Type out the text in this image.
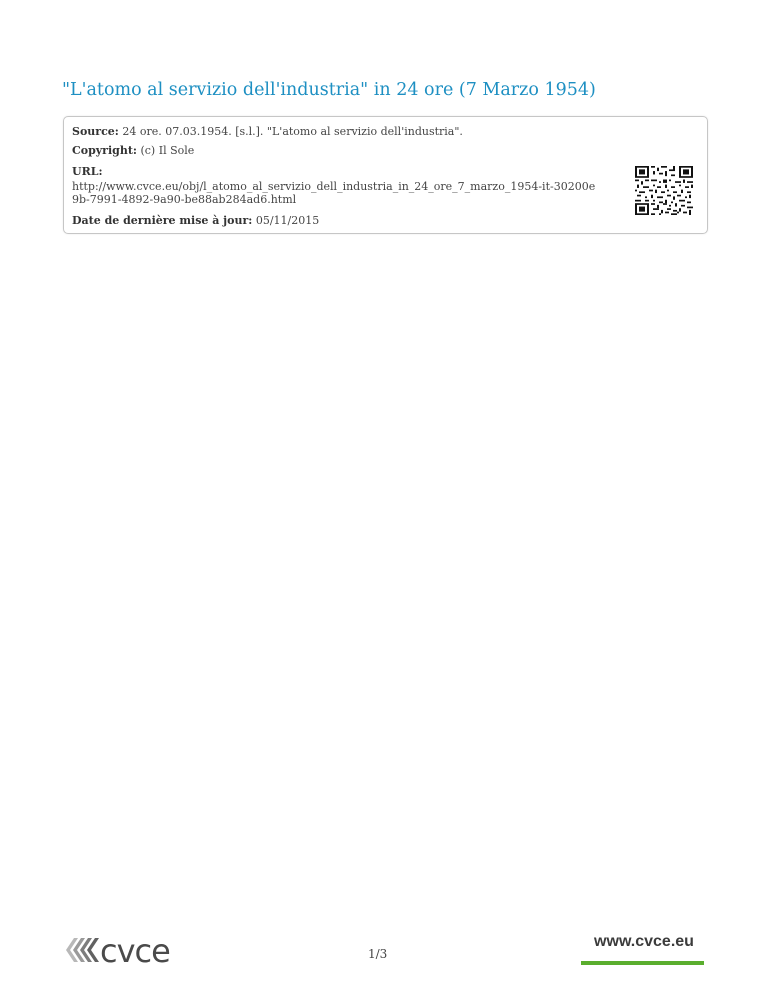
"L'atomo al servizio dell'industria" in 24 ore (7 Marzo 1954)
Source: 24 ore. 07.03.1954. [s.l.]. "L'atomo al servizio dell'industria".
Copyright: (c) Il Sole
URL:
http://www.cvce.eu/obj/l_atomo_al_servizio_dell_industria_in_24_ore_7_marzo_1954-it-30200e9b-7991-4892-9a90-be88ab284ad6.html
Date de dernière mise à jour: 05/11/2015
cvce	1/3
www.cvce.eu
